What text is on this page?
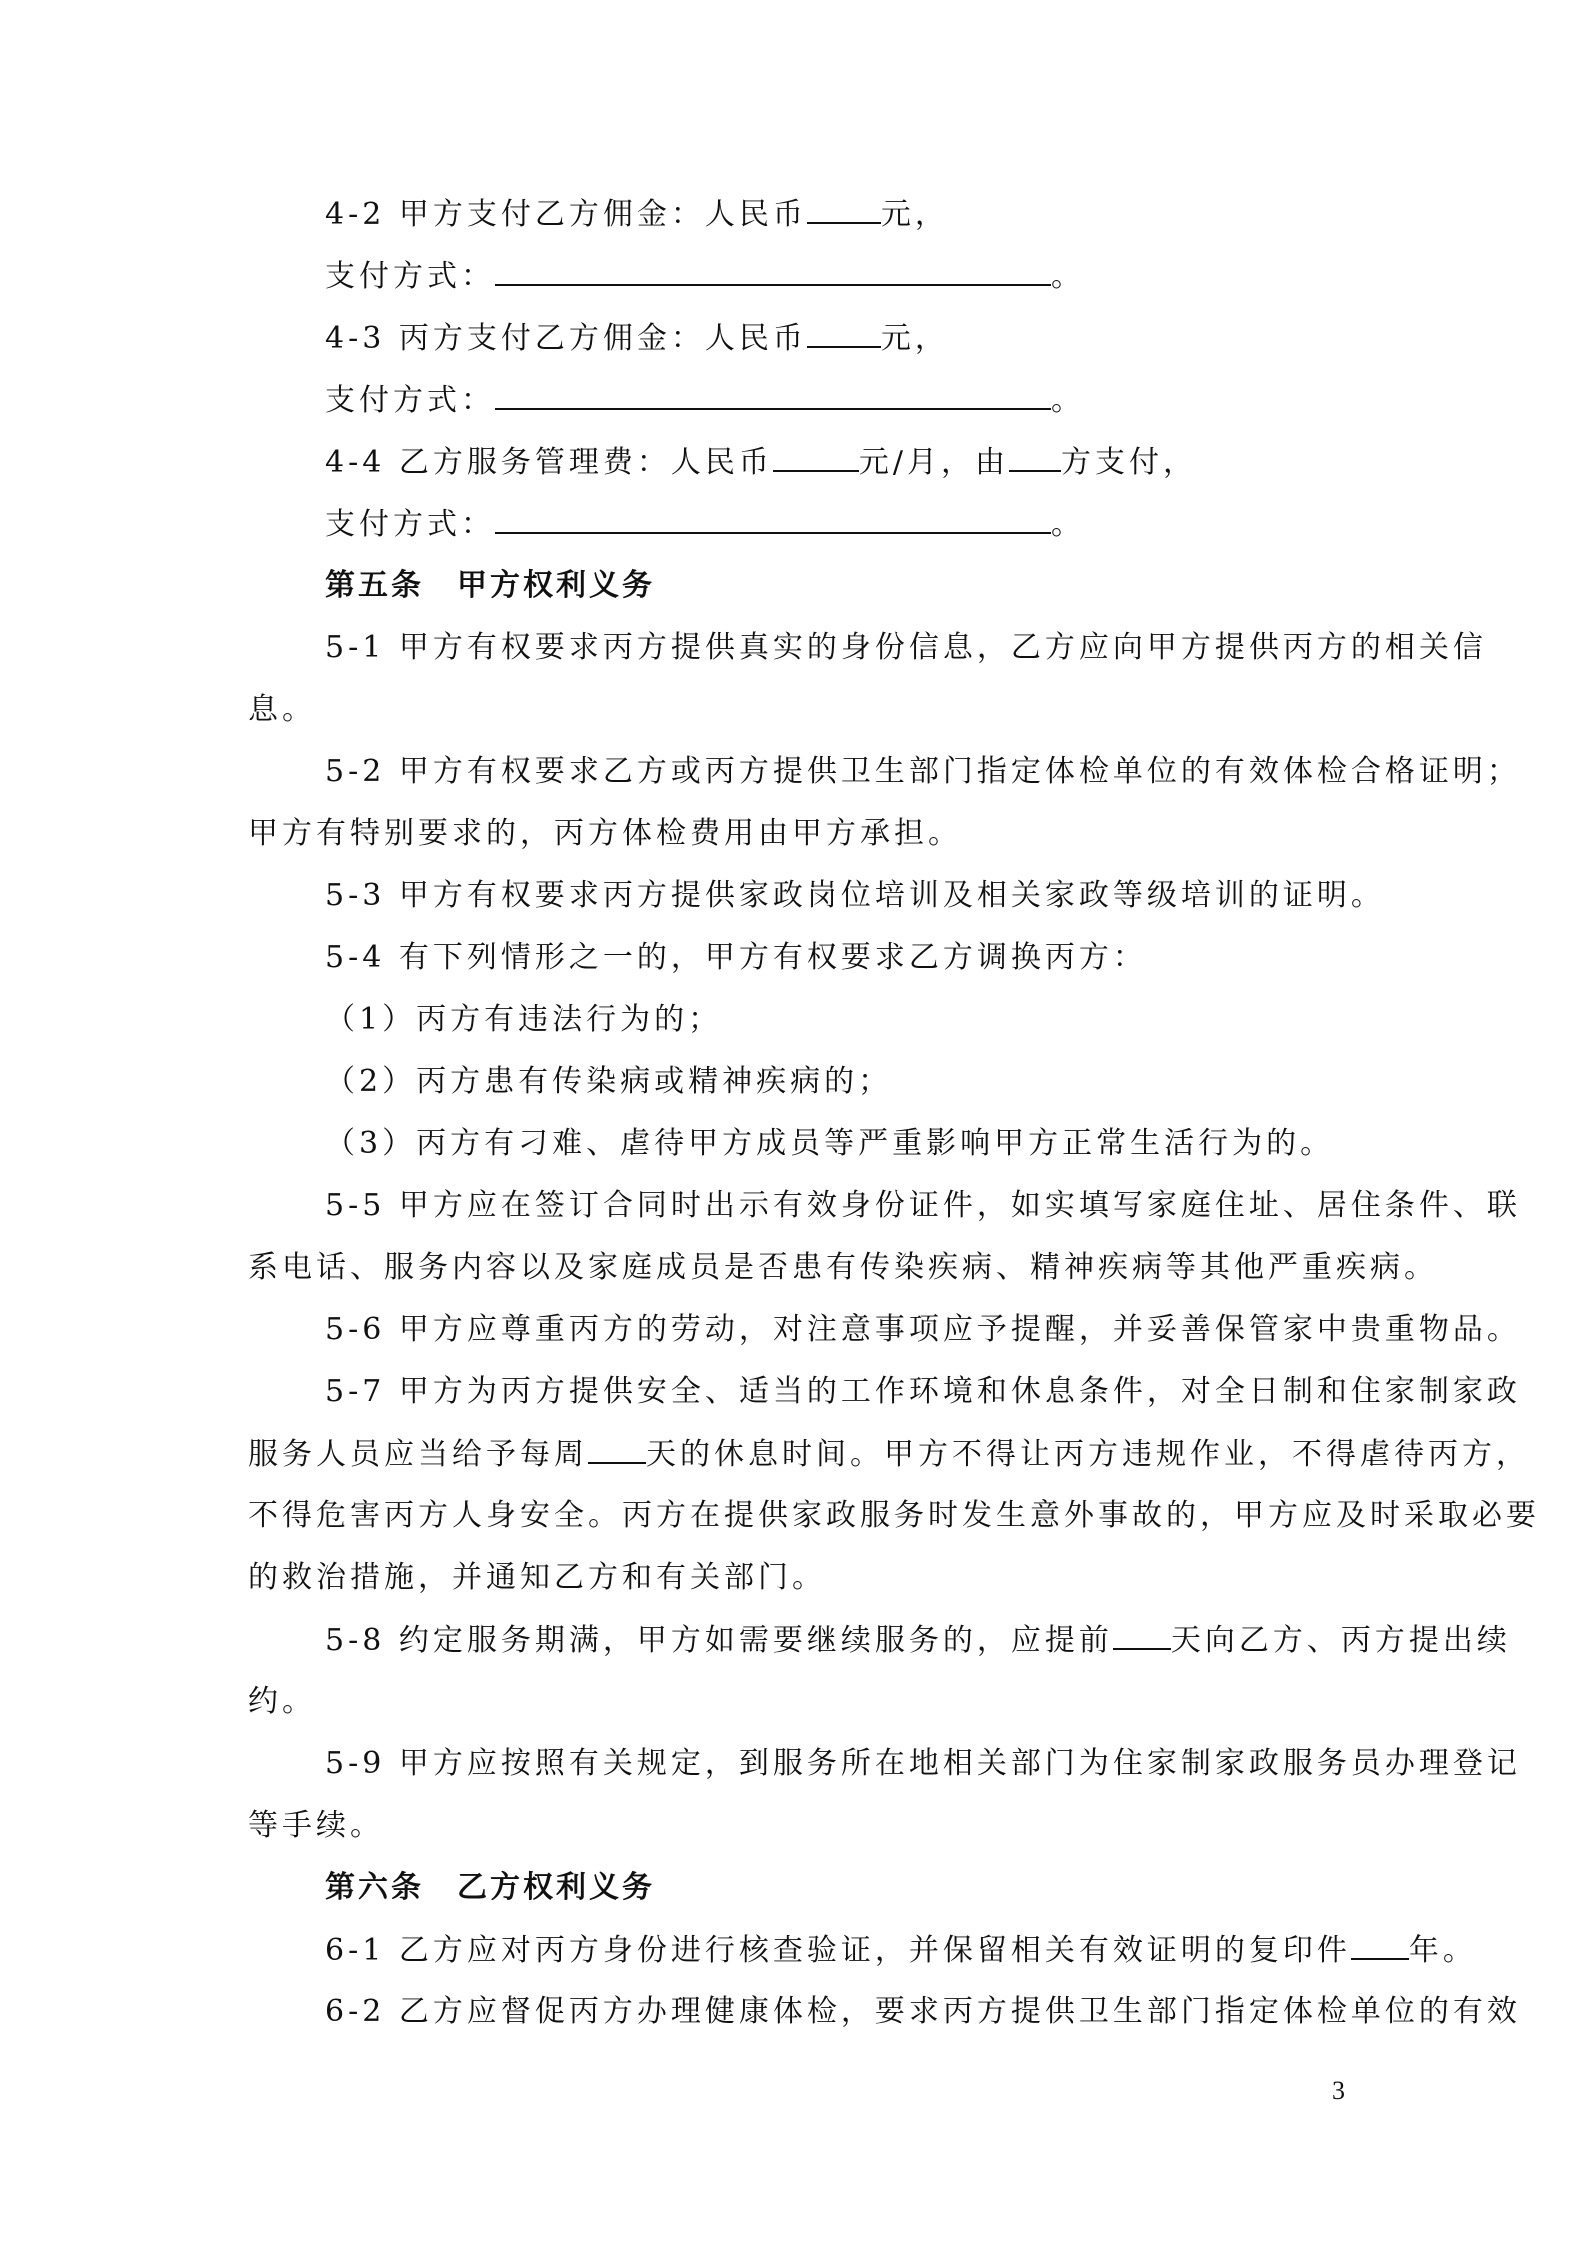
4-2 甲方支付乙方佣金：人民币 元，
支付方式：	。
4-3 丙方支付乙方佣金：人民币 元，
支付方式：	。
4-4 乙方服务管理费：人民币	元/月，由 方支付，
支付方式：	。
第五条　甲方权利义务
5-1 甲方有权要求丙方提供真实的身份信息，乙方应向甲方提供丙方的相关信
息。
5-2 甲方有权要求乙方或丙方提供卫生部门指定体检单位的有效体检合格证明；
甲方有特别要求的，丙方体检费用由甲方承担。
5-3 甲方有权要求丙方提供家政岗位培训及相关家政等级培训的证明。
5-4 有下列情形之一的，甲方有权要求乙方调换丙方：
（1）丙方有违法行为的；
（2）丙方患有传染病或精神疾病的；
（3）丙方有刁难、虐待甲方成员等严重影响甲方正常生活行为的。
5-5 甲方应在签订合同时出示有效身份证件，如实填写家庭住址、居住条件、联
系电话、服务内容以及家庭成员是否患有传染疾病、精神疾病等其他严重疾病。
5-6 甲方应尊重丙方的劳动，对注意事项应予提醒，并妥善保管家中贵重物品。
5-7 甲方为丙方提供安全、适当的工作环境和休息条件，对全日制和住家制家政
服务人员应当给予每周 天的休息时间。甲方不得让丙方违规作业，不得虐待丙方，
不得危害丙方人身安全。丙方在提供家政服务时发生意外事故的，甲方应及时采取必要
的救治措施，并通知乙方和有关部门。
5-8 约定服务期满，甲方如需要继续服务的，应提前 天向乙方、丙方提出续
约。
5-9 甲方应按照有关规定，到服务所在地相关部门为住家制家政服务员办理登记
等手续。
第六条　乙方权利义务
6-1 乙方应对丙方身份进行核查验证，并保留相关有效证明的复印件 年。
6-2 乙方应督促丙方办理健康体检，要求丙方提供卫生部门指定体检单位的有效
3
